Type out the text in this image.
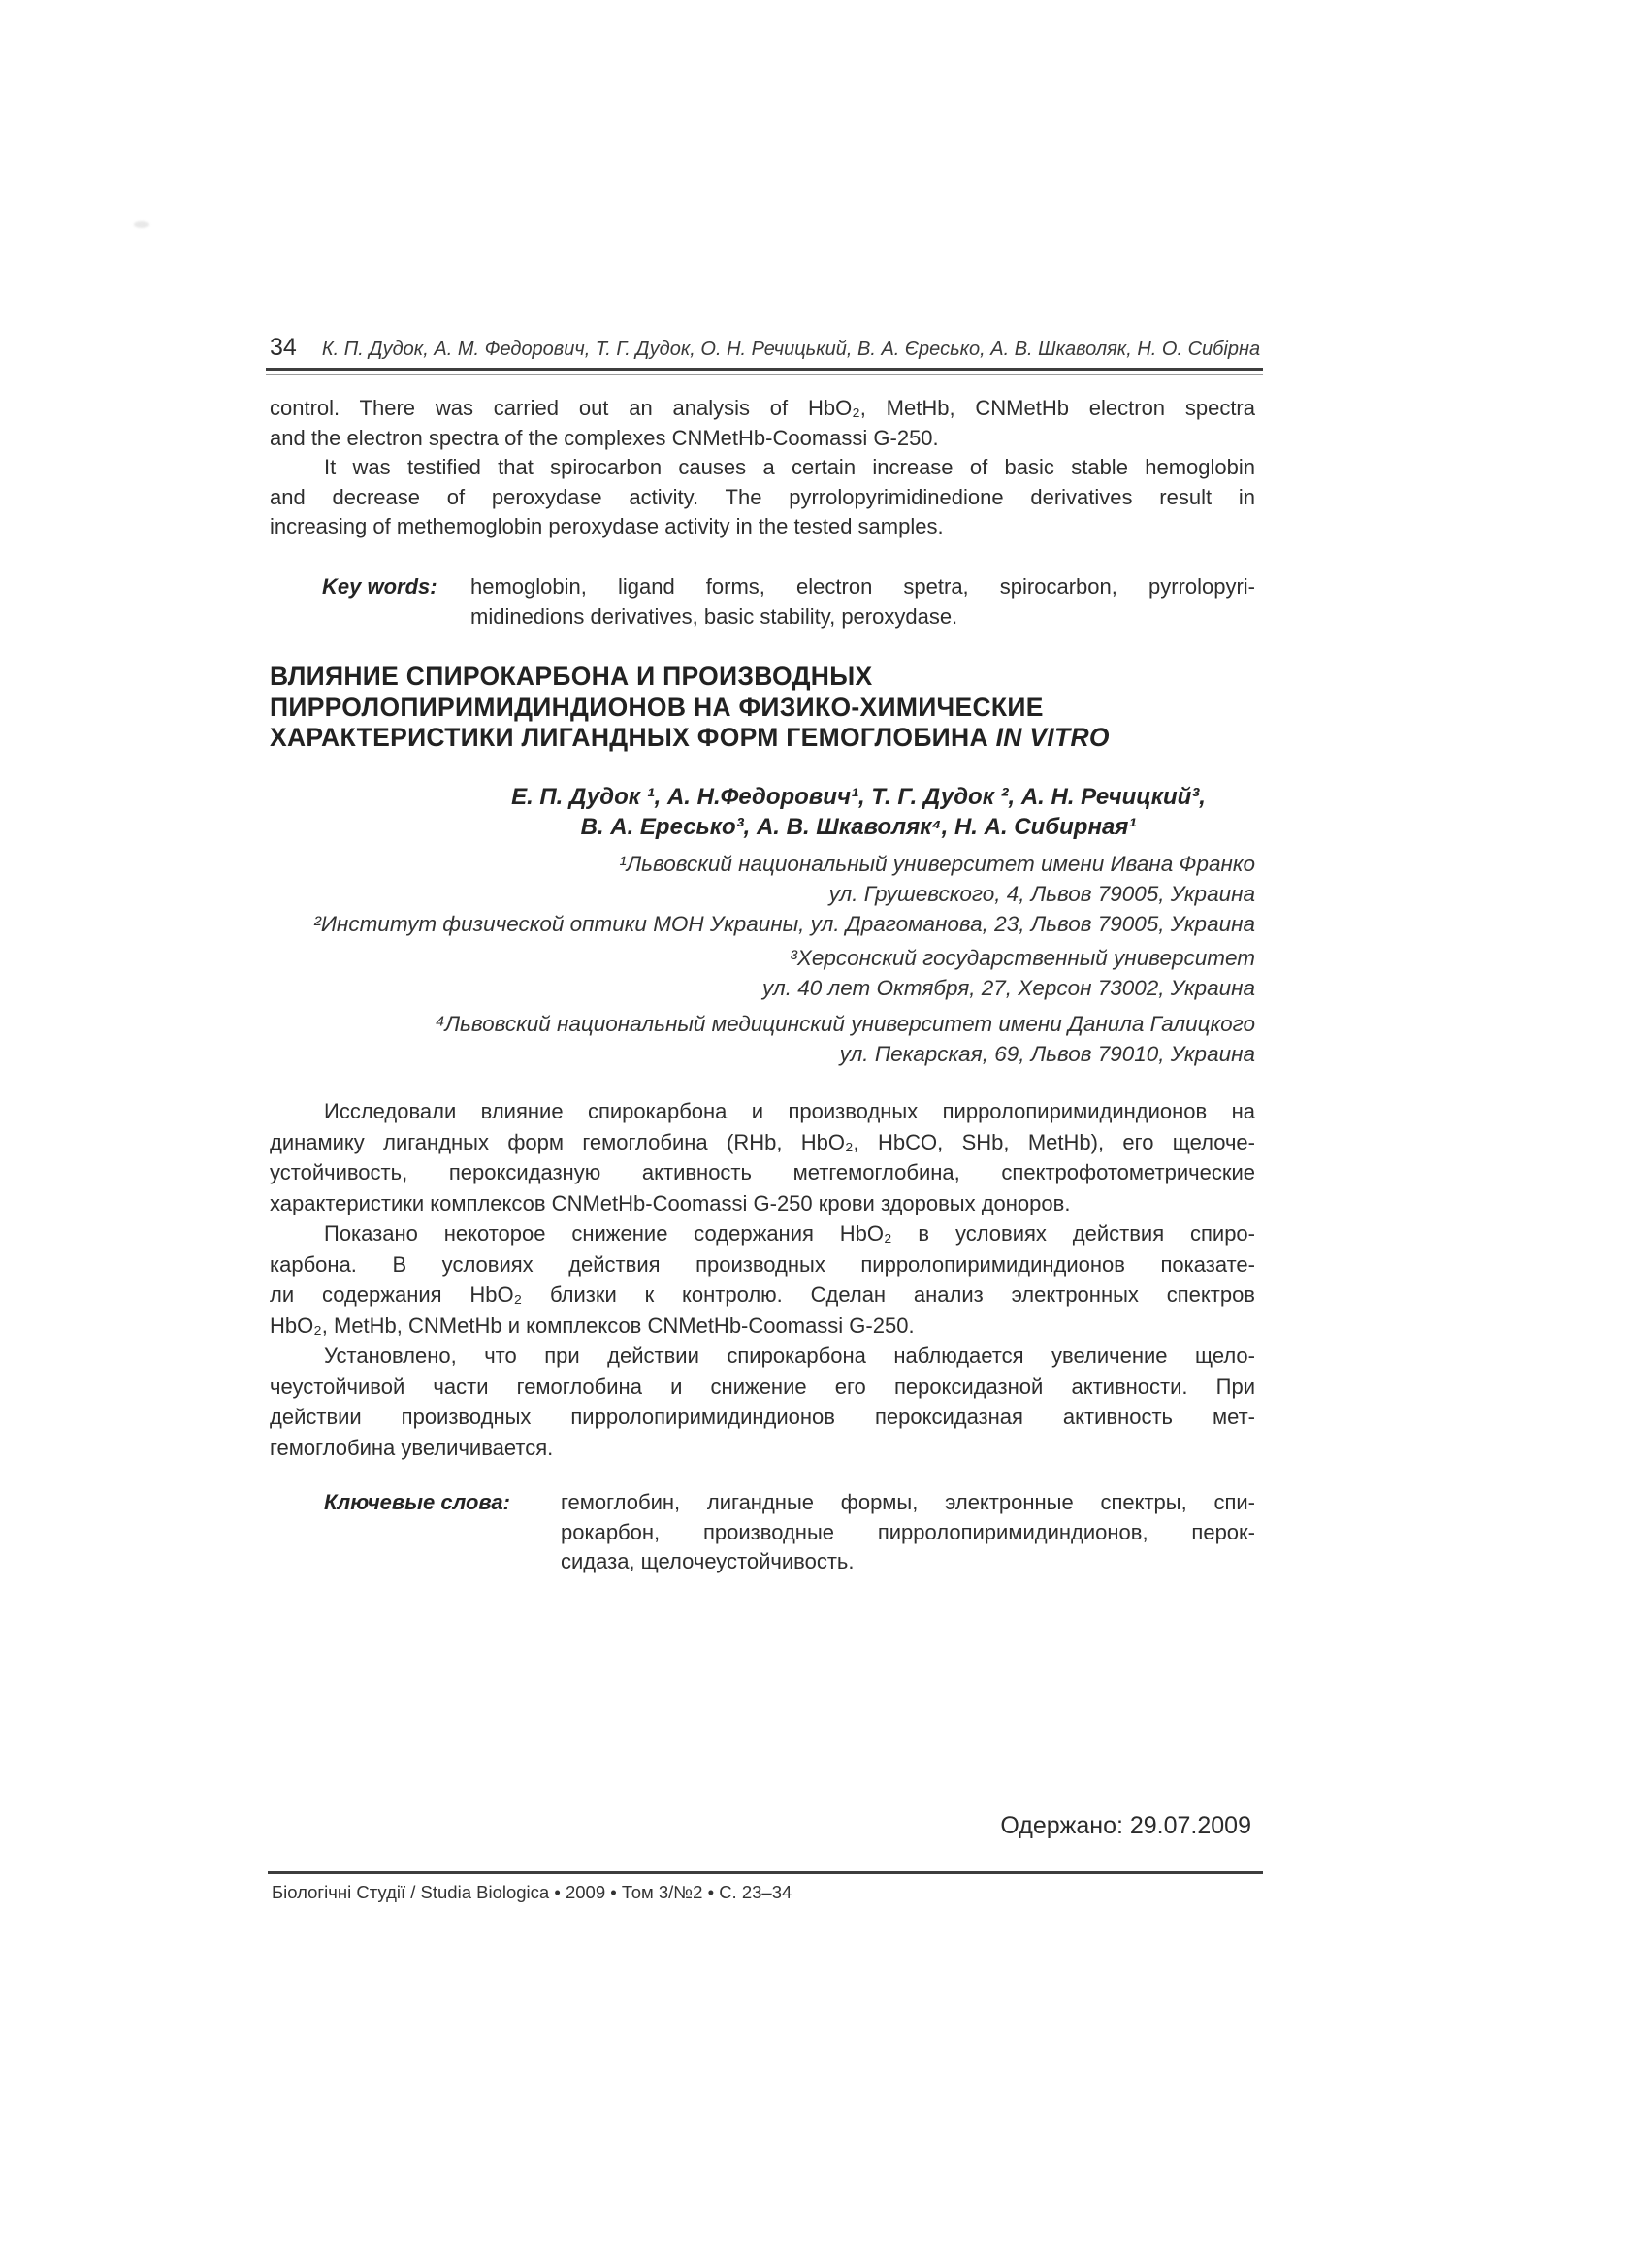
34 К. П. Дудок, А. М. Федорович, Т. Г. Дудок, О. Н. Речицький, В. А. Єресько, А. В. Шкаволяк, Н. О. Сибірна
control. There was carried out an analysis of HbO₂, MetHb, CNMetHb electron spectra
and the electron spectra of the complexes CNMetHb-Coomassi G-250.
It was testified that spirocarbon causes a certain increase of basic stable hemoglobin
and decrease of peroxydase activity. The pyrrolopyrimidinedione derivatives result in
increasing of methemoglobin peroxydase activity in the tested samples.
Key words: hemoglobin, ligand forms, electron spetra, spirocarbon, pyrrolopyri-
midinedions derivatives, basic stability, peroxydase.
ВЛИЯНИЕ СПИРОКАРБОНА И ПРОИЗВОДНЫХ
ПИРРОЛОПИРИМИДИНДИОНОВ НА ФИЗИКО-ХИМИЧЕСКИЕ
ХАРАКТЕРИСТИКИ ЛИГАНДНЫХ ФОРМ ГЕМОГЛОБИНА IN VITRO
Е. П. Дудок ¹, А. Н.Федорович¹, Т. Г. Дудок ², А. Н. Речицкий³,
В. А. Ересько³, А. В. Шкаволяк⁴, Н. А. Сибирная¹
¹Львовский национальный университет имени Ивана Франко
ул. Грушевского, 4, Львов 79005, Украина
²Институт физической оптики МОН Украины, ул. Драгоманова, 23, Львов 79005, Украина
³Херсонский государственный университет
ул. 40 лет Октября, 27, Херсон 73002, Украина
⁴Львовский национальный медицинский университет имени Данила Галицкого
ул. Пекарская, 69, Львов 79010, Украина
Исследовали влияние спирокарбона и производных пирролопиримидиндионов на
динамику лигандных форм гемоглобина (RHb, HbO₂, HbCO, SHb, MetHb), его щелоче-
устойчивость, пероксидазную активность метгемоглобина, спектрофотометрические
характеристики комплексов CNMetHb-Coomassi G-250 крови здоровых доноров.
Показано некоторое снижение содержания HbO₂ в условиях действия спиро-
карбона. В условиях действия производных пирролопиримидиндионов показате-
ли содержания HbO₂ близки к контролю. Сделан анализ электронных спектров
HbO₂, MetHb, CNMetHb и комплексов CNMetHb-Coomassi G-250.
Установлено, что при действии спирокарбона наблюдается увеличение щело-
чеустойчивой части гемоглобина и снижение его пероксидазной активности. При
действии производных пирролопиримидиндионов пероксидазная активность мет-
гемоглобина увеличивается.
Ключевые слова: гемоглобин, лигандные формы, электронные спектры, спи-
рокарбон, производные пирролопиримидиндионов, перок-
сидаза, щелочеустойчивость.
Одержано: 29.07.2009
Біологічні Студії / Studia Biologica • 2009 • Том 3/№2 • С. 23–34
